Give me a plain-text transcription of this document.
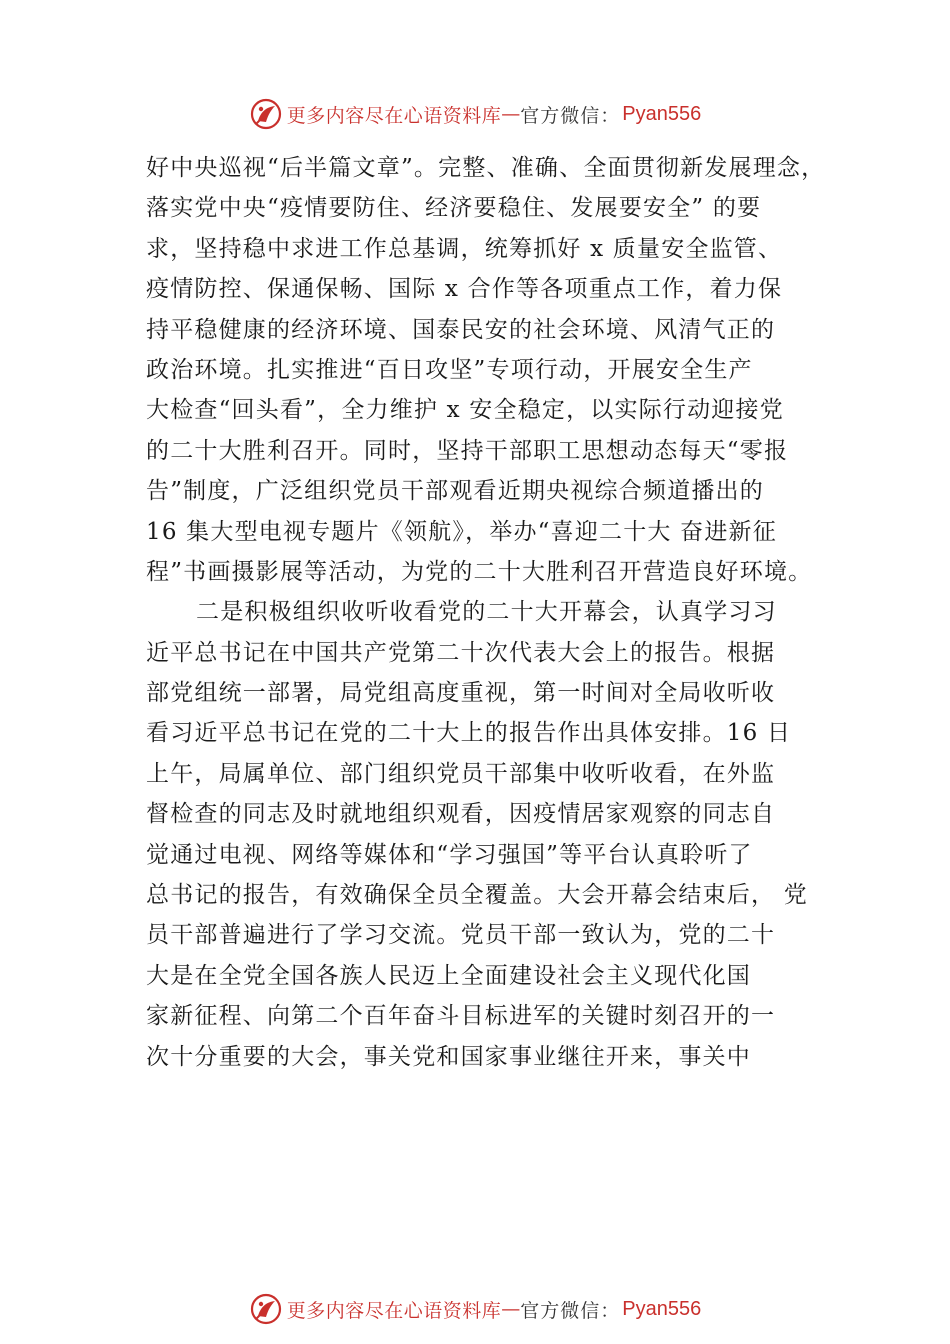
更多内容尽在心语资料库 — 官方微信： Pyan556
好中央巡视“后半篇文章”。完整、准确、全面贯彻新发展理念，
落实党中央“疫情要防住、经济要稳住、发展要安全” 的要
求，坚持稳中求进工作总基调，统筹抓好 x 质量安全监管、
疫情防控、保通保畅、国际 x 合作等各项重点工作，着力保
持平稳健康的经济环境、国泰民安的社会环境、风清气正的
政治环境。扎实推进“百日攻坚”专项行动，开展安全生产
大检查“回头看”，全力维护 x 安全稳定，以实际行动迎接党
的二十大胜利召开。同时，坚持干部职工思想动态每天“零报
告”制度，广泛组织党员干部观看近期央视综合频道播出的
16 集大型电视专题片《领航》，举办“喜迎二十大 奋进新征
程”书画摄影展等活动，为党的二十大胜利召开营造良好环境。
二是积极组织收听收看党的二十大开幕会，认真学习习
近平总书记在中国共产党第二十次代表大会上的报告。根据
部党组统一部署，局党组高度重视，第一时间对全局收听收
看习近平总书记在党的二十大上的报告作出具体安排。16 日
上午，局属单位、部门组织党员干部集中收听收看，在外监
督检查的同志及时就地组织观看，因疫情居家观察的同志自
觉通过电视、网络等媒体和“学习强国”等平台认真聆听了
总书记的报告，有效确保全员全覆盖。大会开幕会结束后， 党
员干部普遍进行了学习交流。党员干部一致认为，党的二十
大是在全党全国各族人民迈上全面建设社会主义现代化国
家新征程、向第二个百年奋斗目标进军的关键时刻召开的一
次十分重要的大会，事关党和国家事业继往开来，事关中
更多内容尽在心语资料库 — 官方微信： Pyan556
